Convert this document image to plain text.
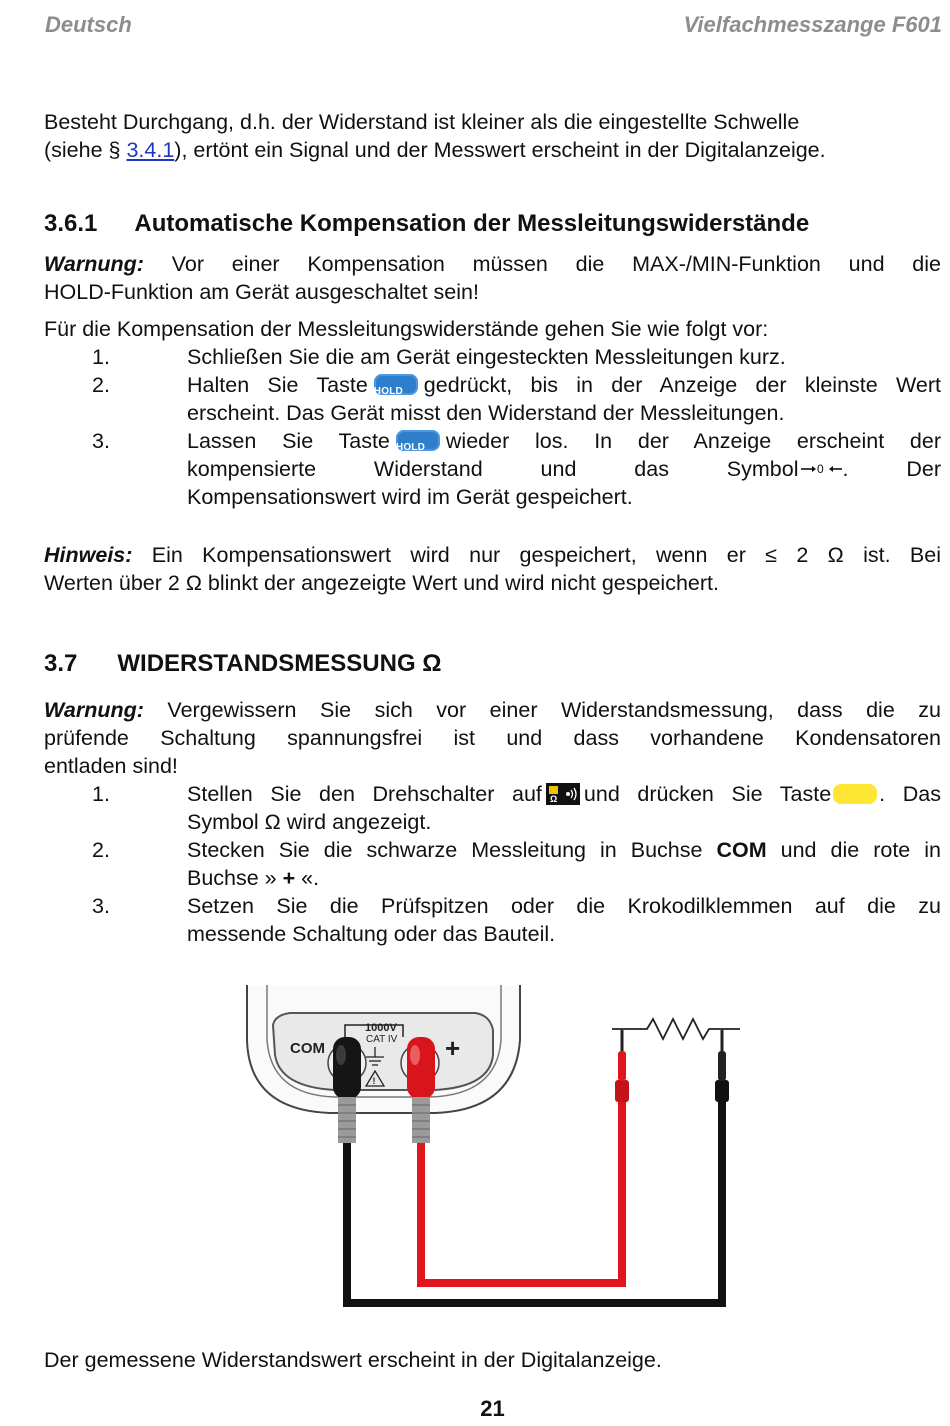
Deutsch	Vielfachmesszange F601
Besteht Durchgang, d.h. der Widerstand ist kleiner als die eingestellte Schwelle
(siehe § 3.4.1), ertönt ein Signal und der Messwert erscheint in der Digitalanzeige.
3.6.1 Automatische Kompensation der Messleitungswiderstände
Warnung: Vor einer Kompensation müssen die MAX-/MIN-Funktion und die
HOLD-Funktion am Gerät ausgeschaltet sein!
Für die Kompensation der Messleitungswiderstände gehen Sie wie folgt vor:
1.	Schließen Sie die am Gerät eingesteckten Messleitungen kurz.
2.	Halten Sie Taste HOLD gedrückt, bis in der Anzeige der kleinste Wert
erscheint. Das Gerät misst den Widerstand der Messleitungen.
3.	Lassen Sie Taste HOLD wieder los. In der Anzeige erscheint der
kompensierte Widerstand und das Symbol 0 . Der
Kompensationswert wird im Gerät gespeichert.
Hinweis: Ein Kompensationswert wird nur gespeichert, wenn er ≤ 2 Ω ist. Bei
Werten über 2 Ω blinkt der angezeigte Wert und wird nicht gespeichert.
3.7 WIDERSTANDSMESSUNG Ω
Warnung: Vergewissern Sie sich vor einer Widerstandsmessung, dass die zu
prüfende Schaltung spannungsfrei ist und dass vorhandene Kondensatoren
entladen sind!
1.	Stellen Sie den Drehschalter auf Ω und drücken Sie Taste . Das
Symbol Ω wird angezeigt.
2.	Stecken Sie die schwarze Messleitung in Buchse COM und die rote in
Buchse » + «.
3.	Setzen Sie die Prüfspitzen oder die Krokodilklemmen auf die zu
messende Schaltung oder das Bauteil.
COM
1000V
CAT IV +
!
Der gemessene Widerstandswert erscheint in der Digitalanzeige.
21
